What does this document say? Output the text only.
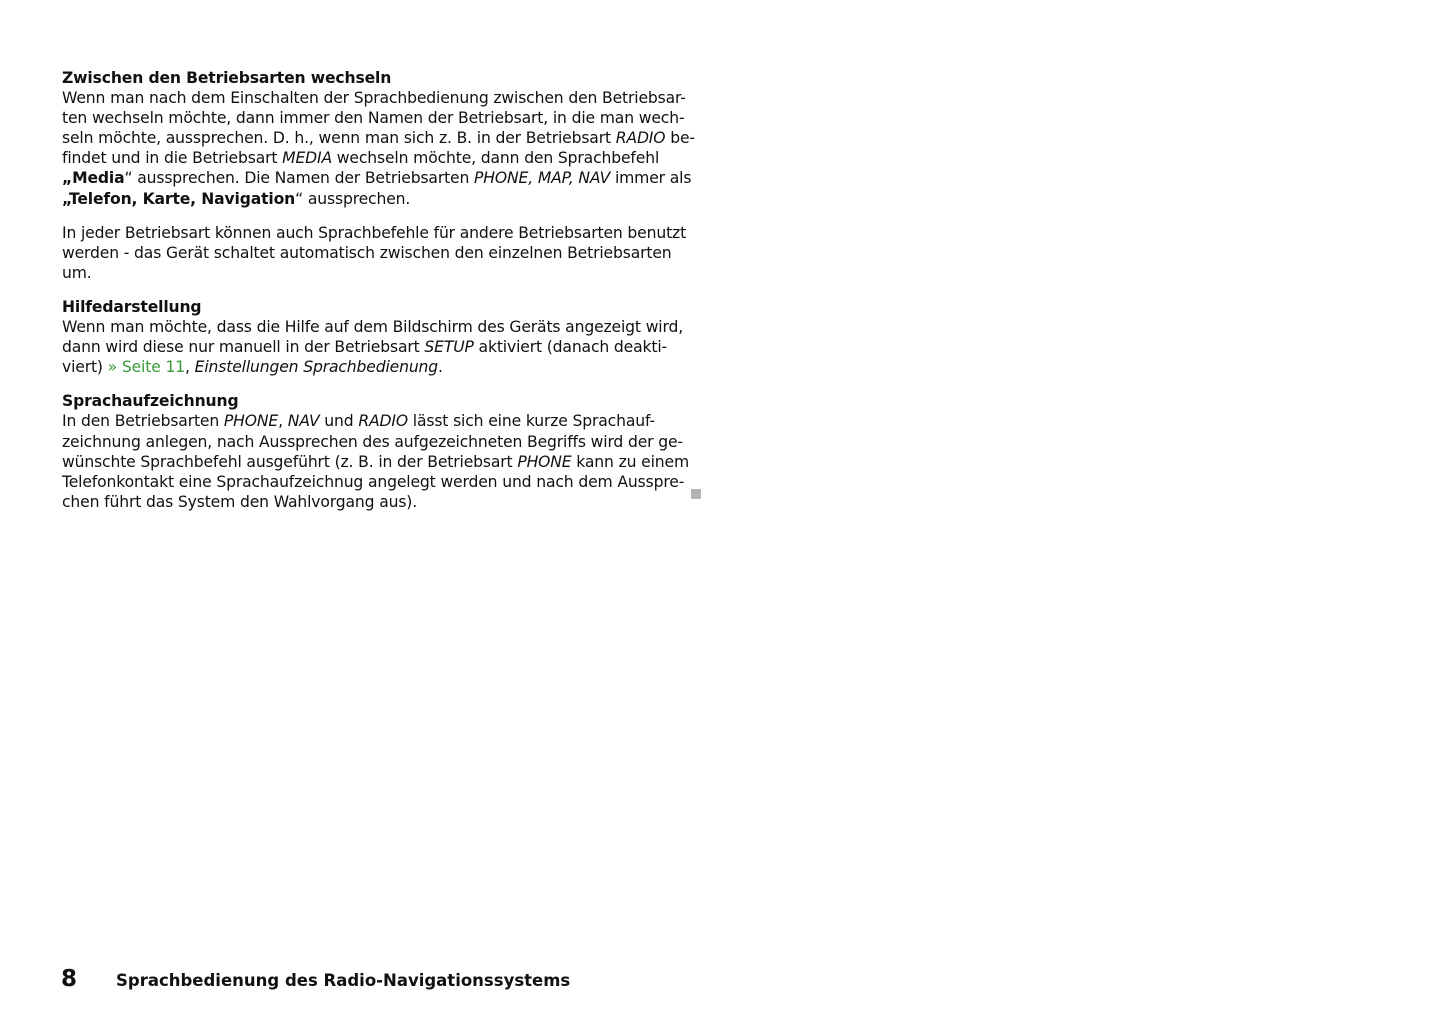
Zwischen den Betriebsarten wechseln
Wenn man nach dem Einschalten der Sprachbedienung zwischen den Betriebsar-
ten wechseln möchte, dann immer den Namen der Betriebsart, in die man wech-
seln möchte, aussprechen. D. h., wenn man sich z. B. in der Betriebsart RADIO be-
findet und in die Betriebsart MEDIA wechseln möchte, dann den Sprachbefehl
„Media“ aussprechen. Die Namen der Betriebsarten PHONE, MAP, NAV immer als
„Telefon, Karte, Navigation“ aussprechen.
In jeder Betriebsart können auch Sprachbefehle für andere Betriebsarten benutzt
werden - das Gerät schaltet automatisch zwischen den einzelnen Betriebsarten
um.
Hilfedarstellung
Wenn man möchte, dass die Hilfe auf dem Bildschirm des Geräts angezeigt wird,
dann wird diese nur manuell in der Betriebsart SETUP aktiviert (danach deakti-
viert) » Seite 11, Einstellungen Sprachbedienung.
Sprachaufzeichnung
In den Betriebsarten PHONE, NAV und RADIO lässt sich eine kurze Sprachauf-
zeichnung anlegen, nach Aussprechen des aufgezeichneten Begriffs wird der ge-
wünschte Sprachbefehl ausgeführt (z. B. in der Betriebsart PHONE kann zu einem
Telefonkontakt eine Sprachaufzeichnug angelegt werden und nach dem Ausspre-
chen führt das System den Wahlvorgang aus).
8 Sprachbedienung des Radio-Navigationssystems
